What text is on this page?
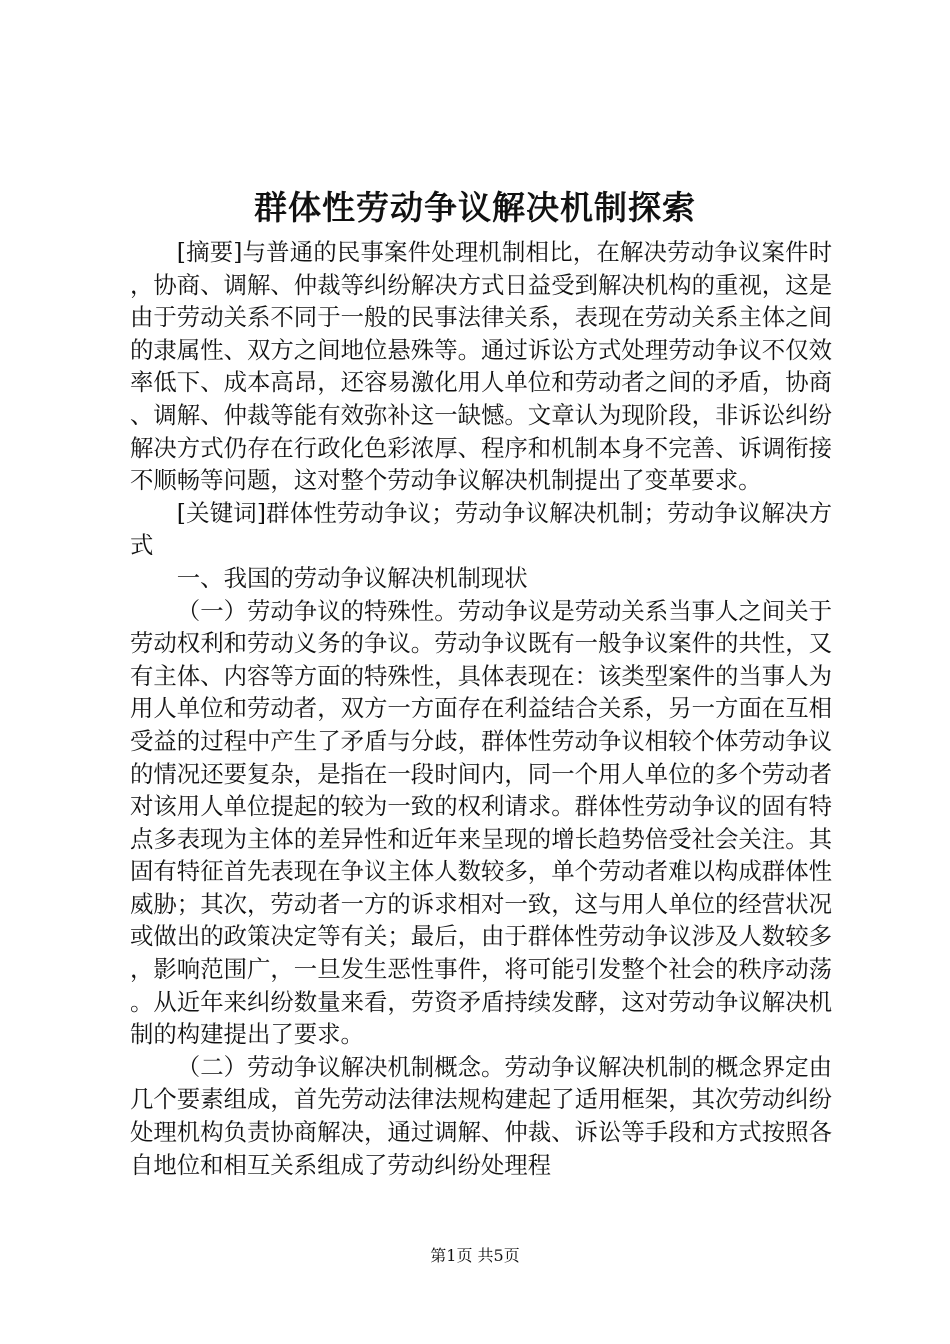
群体性劳动争议解决机制探索

[摘要]与普通的民事案件处理机制相比，在解决劳动争议案件时，协商、调解、仲裁等纠纷解决方式日益受到解决机构的重视，这是由于劳动关系不同于一般的民事法律关系，表现在劳动关系主体之间的隶属性、双方之间地位悬殊等。通过诉讼方式处理劳动争议不仅效率低下、成本高昂，还容易激化用人单位和劳动者之间的矛盾，协商、调解、仲裁等能有效弥补这一缺憾。文章认为现阶段，非诉讼纠纷解决方式仍存在行政化色彩浓厚、程序和机制本身不完善、诉调衔接不顺畅等问题，这对整个劳动争议解决机制提出了变革要求。

[关键词]群体性劳动争议；劳动争议解决机制；劳动争议解决方式

一、我国的劳动争议解决机制现状

（一）劳动争议的特殊性。劳动争议是劳动关系当事人之间关于劳动权利和劳动义务的争议。劳动争议既有一般争议案件的共性，又有主体、内容等方面的特殊性，具体表现在：该类型案件的当事人为用人单位和劳动者，双方一方面存在利益结合关系，另一方面在互相受益的过程中产生了矛盾与分歧，群体性劳动争议相较个体劳动争议的情况还要复杂，是指在一段时间内，同一个用人单位的多个劳动者对该用人单位提起的较为一致的权利请求。群体性劳动争议的固有特点多表现为主体的差异性和近年来呈现的增长趋势倍受社会关注。其固有特征首先表现在争议主体人数较多，单个劳动者难以构成群体性威胁；其次，劳动者一方的诉求相对一致，这与用人单位的经营状况或做出的政策决定等有关；最后，由于群体性劳动争议涉及人数较多，影响范围广，一旦发生恶性事件，将可能引发整个社会的秩序动荡。从近年来纠纷数量来看，劳资矛盾持续发酵，这对劳动争议解决机制的构建提出了要求。

（二）劳动争议解决机制概念。劳动争议解决机制的概念界定由几个要素组成，首先劳动法律法规构建起了适用框架，其次劳动纠纷处理机构负责协商解决，通过调解、仲裁、诉讼等手段和方式按照各自地位和相互关系组成了劳动纠纷处理程

第1页 共5页
